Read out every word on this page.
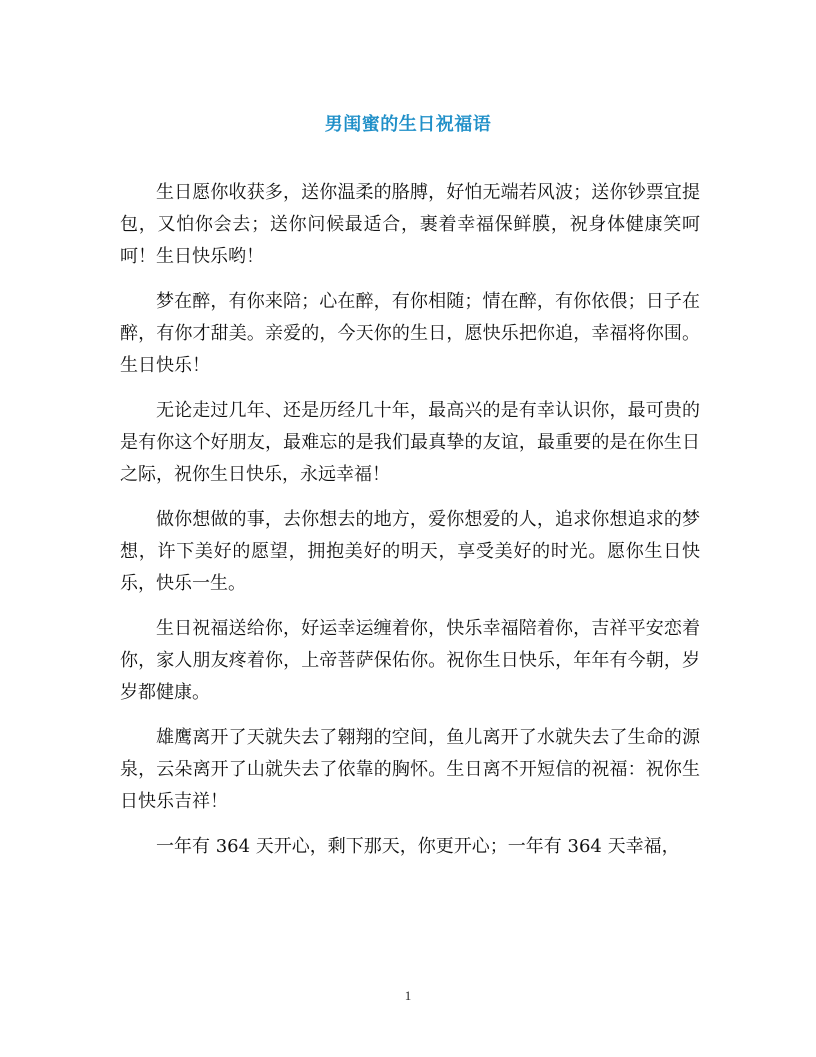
男闺蜜的生日祝福语

生日愿你收获多，送你温柔的胳膊，好怕无端若风波；送你钞票宜提包，又怕你会去；送你问候最适合，裹着幸福保鲜膜，祝身体健康笑呵呵！生日快乐哟！

梦在醉，有你来陪；心在醉，有你相随；情在醉，有你依偎；日子在醉，有你才甜美。亲爱的，今天你的生日，愿快乐把你追，幸福将你围。生日快乐！

无论走过几年、还是历经几十年，最高兴的是有幸认识你，最可贵的是有你这个好朋友，最难忘的是我们最真挚的友谊，最重要的是在你生日之际，祝你生日快乐，永远幸福！

做你想做的事，去你想去的地方，爱你想爱的人，追求你想追求的梦想，许下美好的愿望，拥抱美好的明天，享受美好的时光。愿你生日快乐，快乐一生。

生日祝福送给你，好运幸运缠着你，快乐幸福陪着你，吉祥平安恋着你，家人朋友疼着你，上帝菩萨保佑你。祝你生日快乐，年年有今朝，岁岁都健康。

雄鹰离开了天就失去了翱翔的空间，鱼儿离开了水就失去了生命的源泉，云朵离开了山就失去了依靠的胸怀。生日离不开短信的祝福：祝你生日快乐吉祥！

一年有 364 天开心，剩下那天，你更开心；一年有 364 天幸福，

1
